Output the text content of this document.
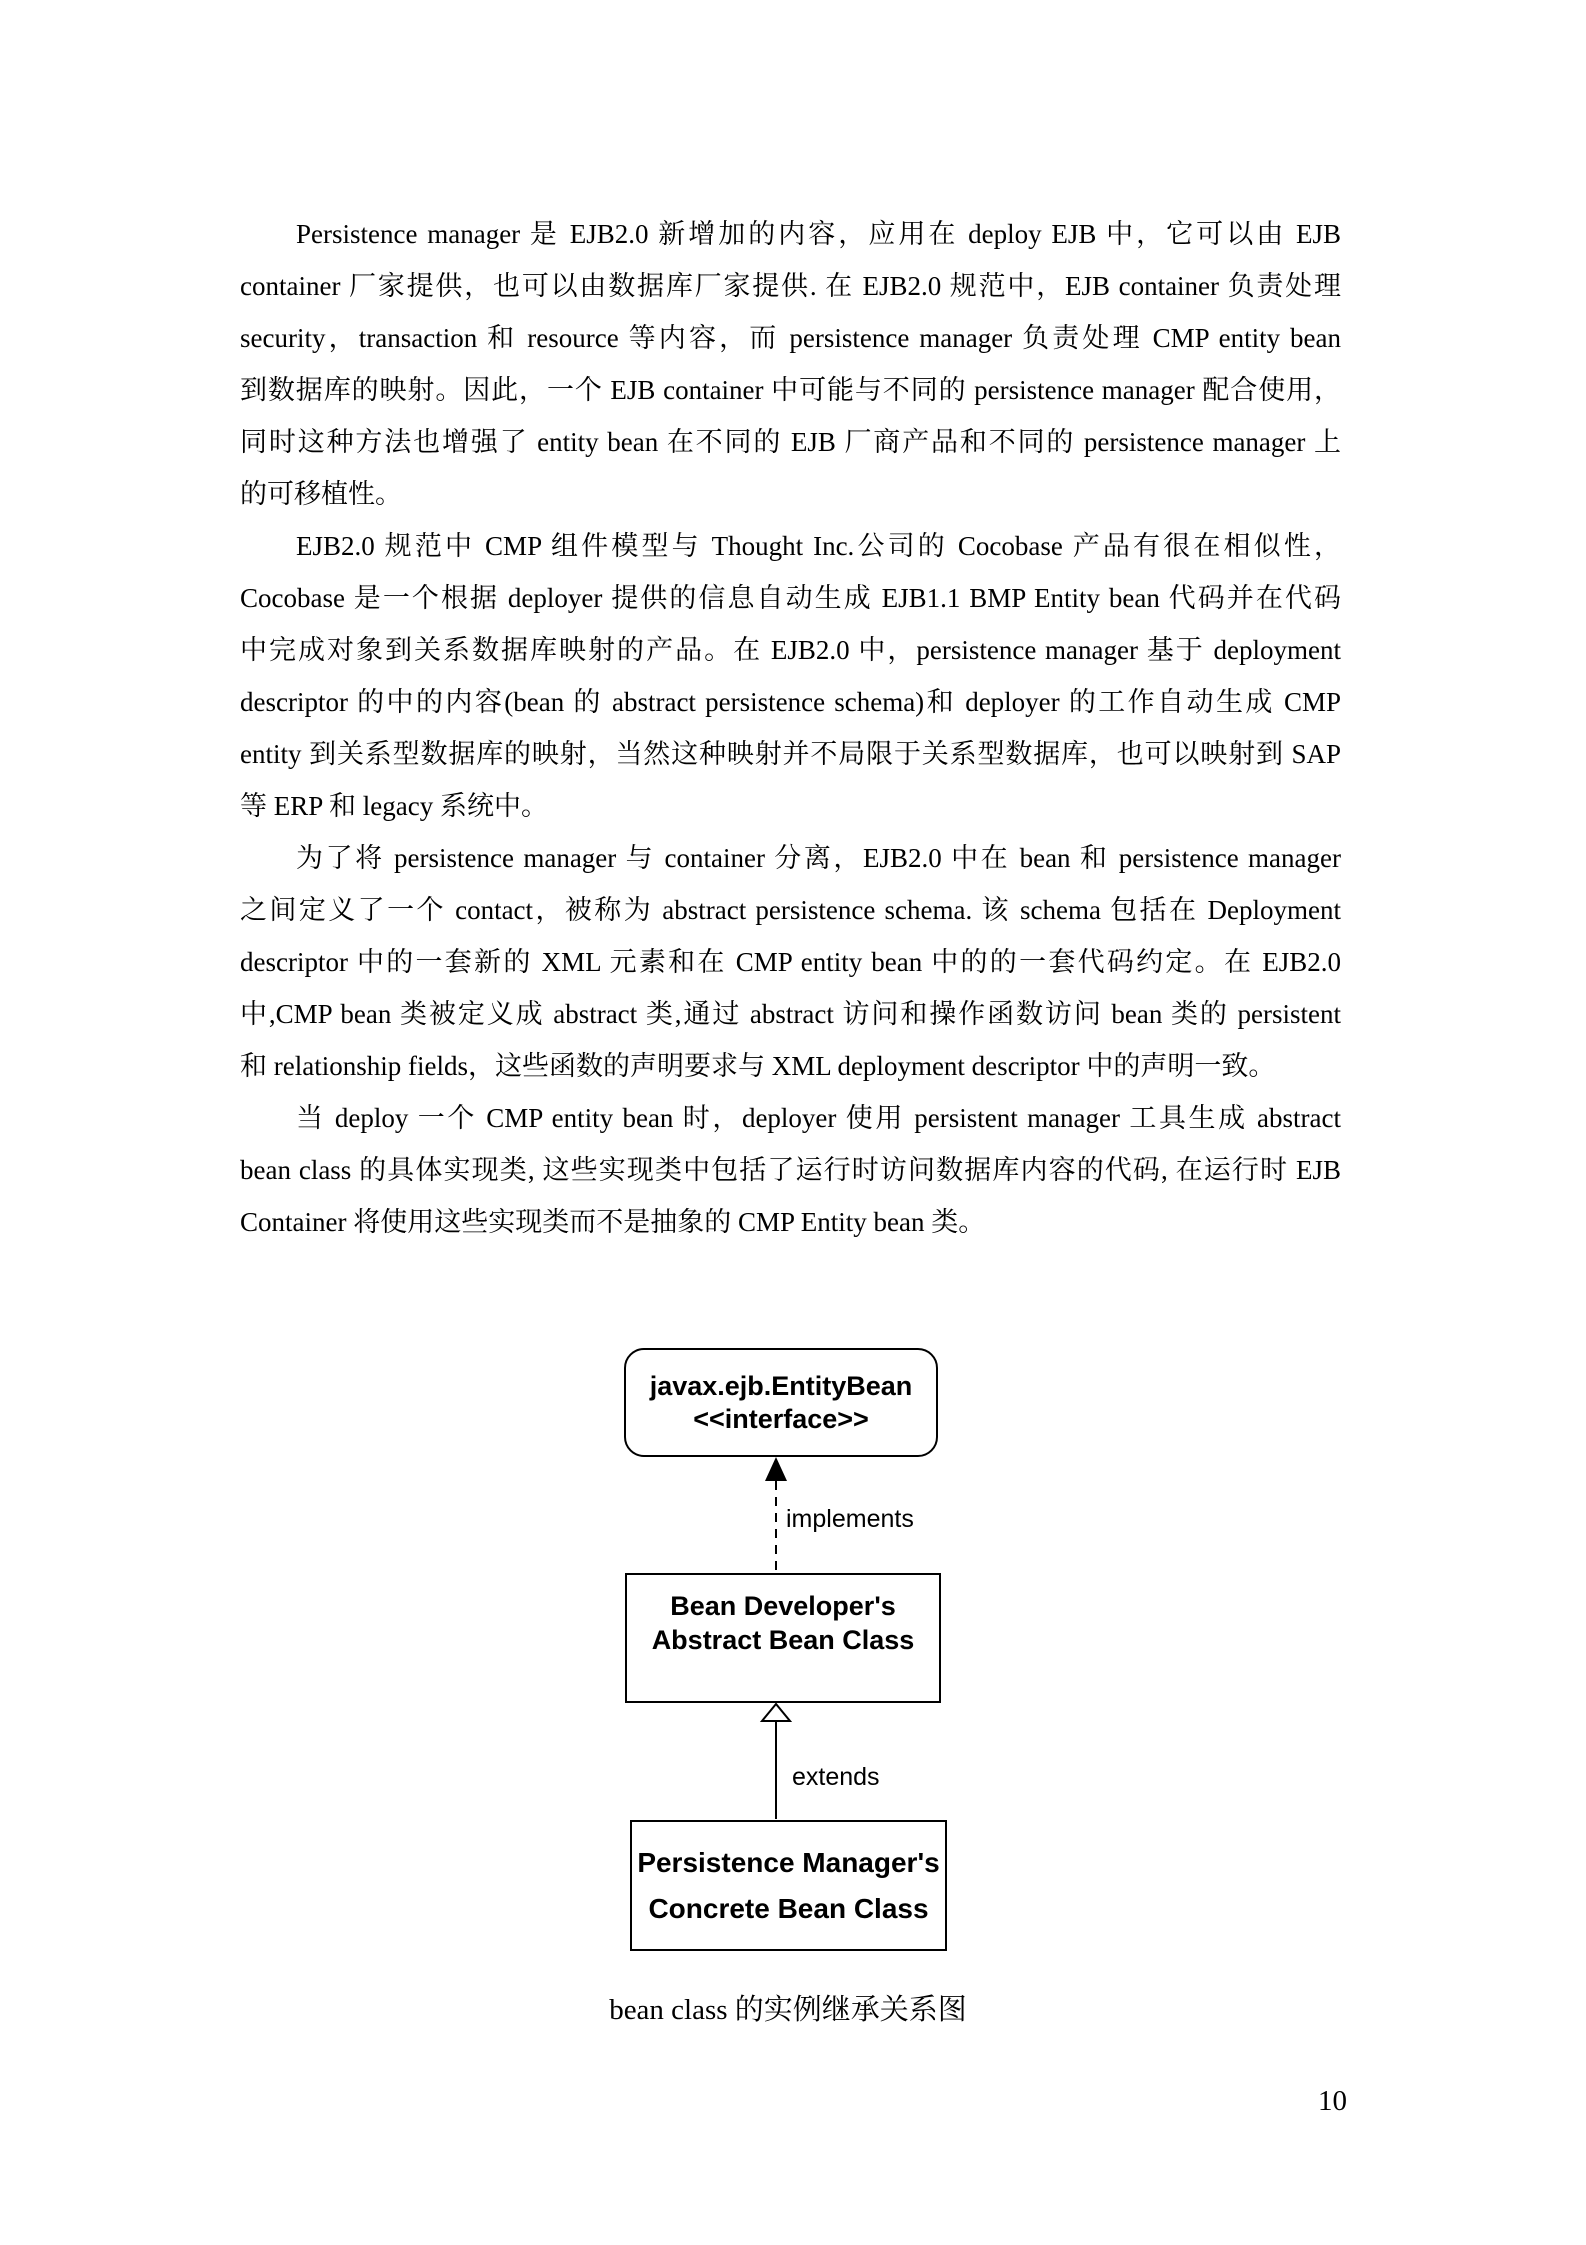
Persistence manager 是 EJB2.0 新增加的内容，应用在 deploy EJB 中，它可以由 EJB
container 厂家提供，也可以由数据库厂家提供. 在 EJB2.0 规范中，EJB container 负责处理
security，transaction 和 resource 等内容，而 persistence manager 负责处理 CMP entity bean
到数据库的映射。因此，一个 EJB container 中可能与不同的 persistence manager 配合使用，
同时这种方法也增强了 entity bean 在不同的 EJB 厂商产品和不同的 persistence manager 上
的可移植性。
EJB2.0 规范中 CMP 组件模型与 Thought Inc.公司的 Cocobase 产品有很在相似性，
Cocobase 是一个根据 deployer 提供的信息自动生成 EJB1.1 BMP Entity bean 代码并在代码
中完成对象到关系数据库映射的产品。在 EJB2.0 中，persistence manager 基于 deployment
descriptor 的中的内容(bean 的 abstract persistence schema)和 deployer 的工作自动生成 CMP
entity 到关系型数据库的映射，当然这种映射并不局限于关系型数据库，也可以映射到 SAP
等 ERP 和 legacy 系统中。
为了将 persistence manager 与 container 分离，EJB2.0 中在 bean 和 persistence manager
之间定义了一个 contact，被称为 abstract persistence schema. 该 schema 包括在 Deployment
descriptor 中的一套新的 XML 元素和在 CMP entity bean 中的的一套代码约定。在 EJB2.0
中,CMP bean 类被定义成 abstract 类,通过 abstract 访问和操作函数访问 bean 类的 persistent
和 relationship fields，这些函数的声明要求与 XML deployment descriptor 中的声明一致。
当 deploy 一个 CMP entity bean 时，deployer 使用 persistent manager 工具生成 abstract
bean class 的具体实现类, 这些实现类中包括了运行时访问数据库内容的代码, 在运行时 EJB
Container 将使用这些实现类而不是抽象的 CMP Entity bean 类。
javax.ejb.EntityBean
<<interface>>
implements
Bean Developer's
Abstract Bean Class
extends
Persistence Manager's
Concrete Bean Class
bean class 的实例继承关系图
10
